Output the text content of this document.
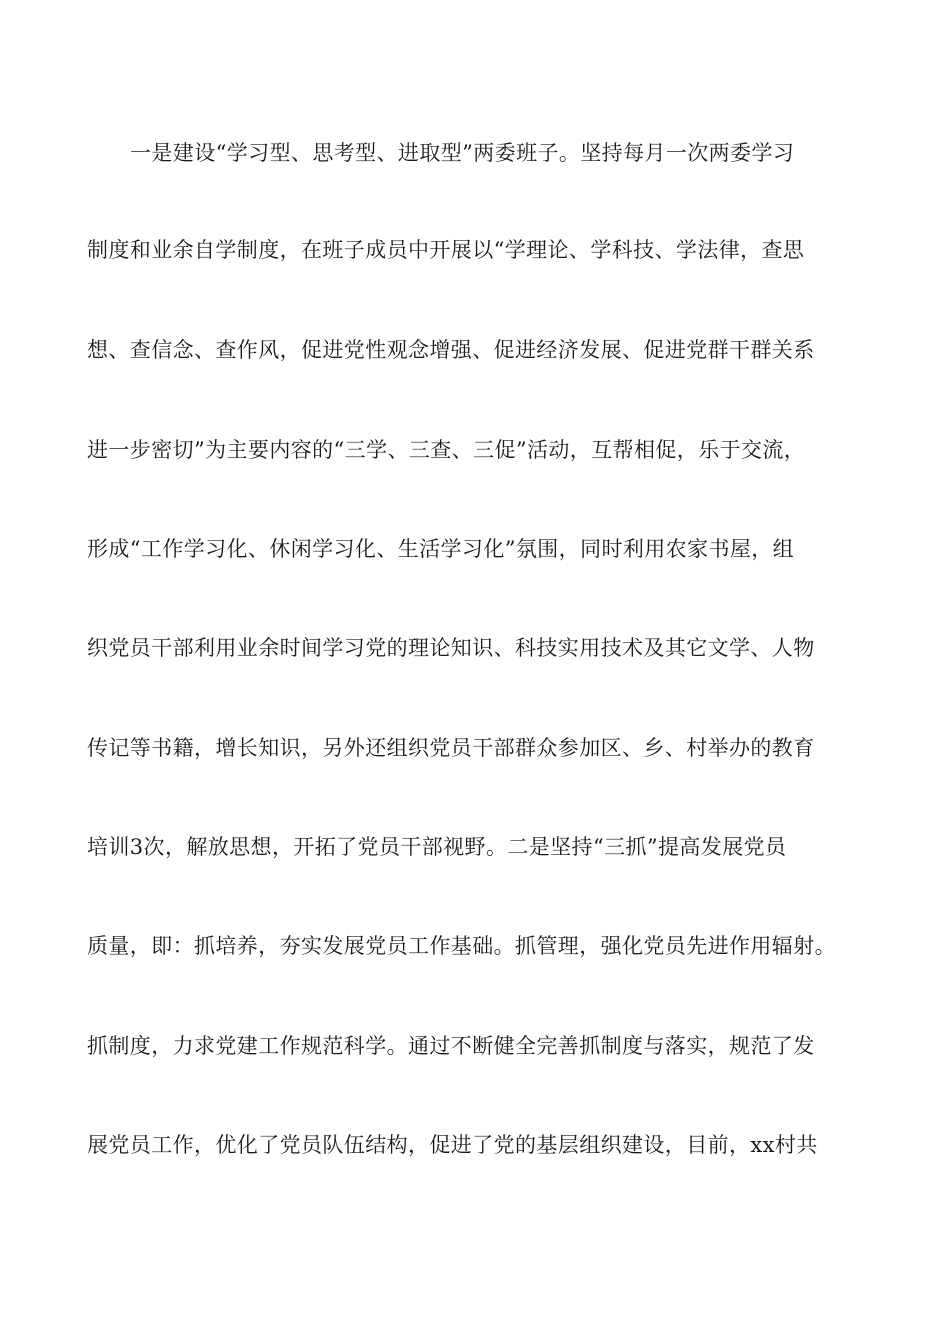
一是建设“学习型、思考型、进取型”两委班子。坚持每月一次两委学习
制度和业余自学制度，在班子成员中开展以“学理论、学科技、学法律，查思
想、查信念、查作风，促进党性观念增强、促进经济发展、促进党群干群关系
进一步密切”为主要内容的“三学、三查、三促”活动，互帮相促，乐于交流，
形成“工作学习化、休闲学习化、生活学习化”氛围，同时利用农家书屋，组
织党员干部利用业余时间学习党的理论知识、科技实用技术及其它文学、人物
传记等书籍，增长知识，另外还组织党员干部群众参加区、乡、村举办的教育
培训3次，解放思想，开拓了党员干部视野。二是坚持“三抓”提高发展党员
质量，即：抓培养，夯实发展党员工作基础。抓管理，强化党员先进作用辐射。
抓制度，力求党建工作规范科学。通过不断健全完善抓制度与落实，规范了发
展党员工作，优化了党员队伍结构，促进了党的基层组织建设，目前，xx村共
